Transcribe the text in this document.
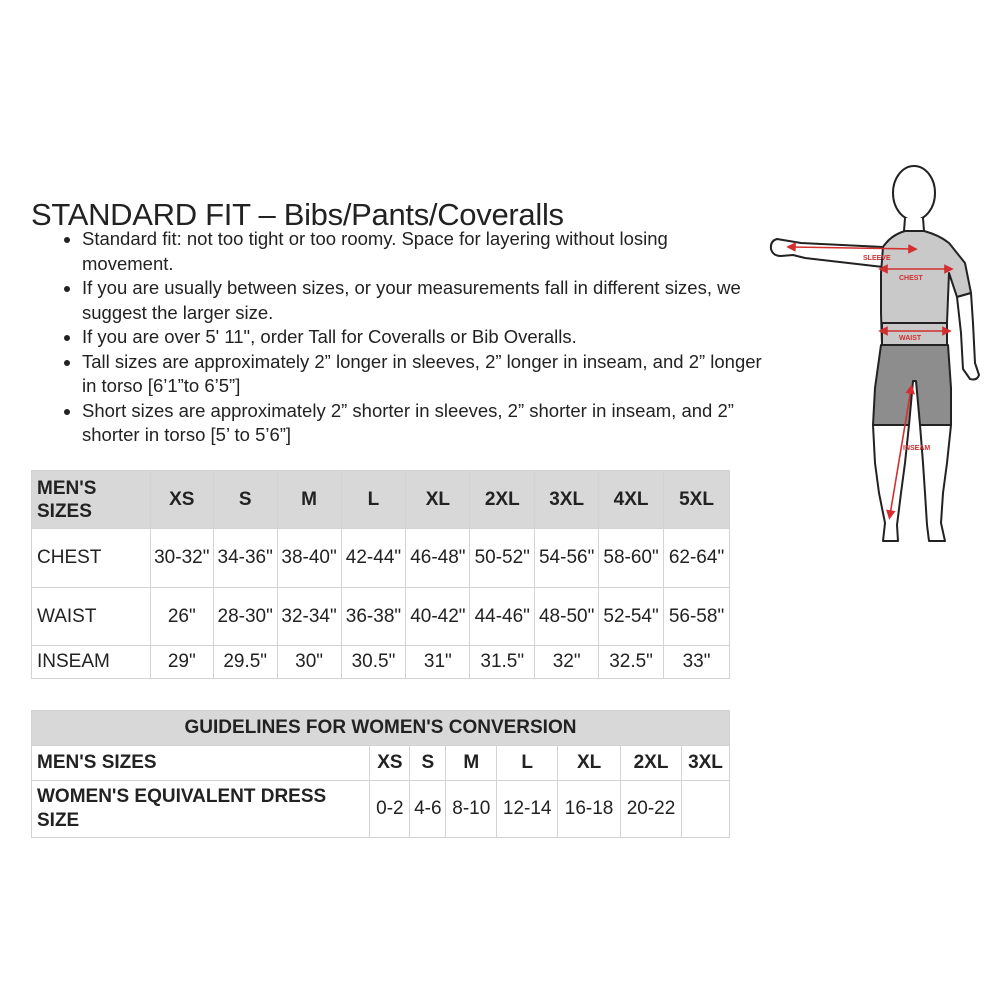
STANDARD FIT – Bibs/Pants/Coveralls
• Standard fit: not too tight or too roomy. Space for layering without losing movement.
• If you are usually between sizes, or your measurements fall in different sizes, we suggest the larger size.
• If you are over 5' 11", order Tall for Coveralls or Bib Overalls.
• Tall sizes are approximately 2” longer in sleeves, 2” longer in inseam, and 2” longer in torso [6’1”to 6’5”]
• Short sizes are approximately 2” shorter in sleeves, 2” shorter in inseam, and 2” shorter in torso [5’ to 5’6”]
MEN'S SIZES	XS	S	M	L	XL	2XL	3XL	4XL	5XL
CHEST	30-32"	34-36"	38-40"	42-44"	46-48"	50-52"	54-56"	58-60"	62-64"
WAIST	26"	28-30"	32-34"	36-38"	40-42"	44-46"	48-50"	52-54"	56-58"
INSEAM	29"	29.5"	30"	30.5"	31"	31.5"	32"	32.5"	33"
GUIDELINES FOR WOMEN'S CONVERSION							
MEN'S SIZES	XS	S	M	L	XL	2XL	3XL
WOMEN'S EQUIVALENT DRESS SIZE	0-2	4-6	8-10	12-14	16-18	20-22	
SLEEVE
CHEST
WAIST
INSEAM
